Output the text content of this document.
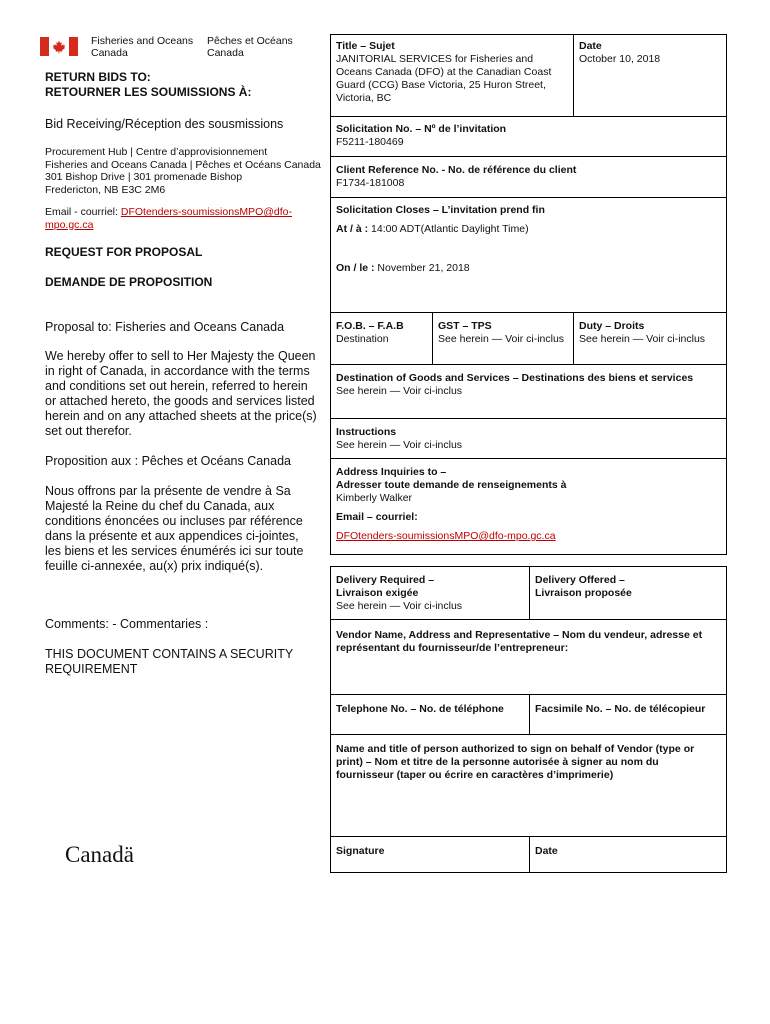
Fisheries and Oceans
Canada
Pêches et Océans
Canada
RETURN BIDS TO:
RETOURNER LES SOUMISSIONS À:
Bid Receiving/Réception des sousmissions
Procurement Hub | Centre d’approvisionnement
Fisheries and Oceans Canada | Pêches et Océans Canada
301 Bishop Drive | 301 promenade Bishop
Fredericton, NB E3C 2M6
Email - courriel: DFOtenders-soumissionsMPO@dfo-
mpo.gc.ca
REQUEST FOR PROPOSAL
DEMANDE DE PROPOSITION
Proposal to: Fisheries and Oceans Canada
We hereby offer to sell to Her Majesty the Queen in right of Canada, in accordance with the terms and conditions set out herein, referred to herein or attached hereto, the goods and services listed herein and on any attached sheets at the price(s) set out therefor.
Proposition aux : Pêches et Océans Canada
Nous offrons par la présente de vendre à Sa Majesté la Reine du chef du Canada, aux conditions énoncées ou incluses par référence dans la présente et aux appendices ci-jointes, les biens et les services énumérés ici sur toute feuille ci-annexée, au(x) prix indiqué(s).
Comments: - Commentaries :
THIS DOCUMENT CONTAINS A SECURITY REQUIREMENT
Canadä
Title – Sujet
JANITORIAL SERVICES for Fisheries and Oceans Canada (DFO) at the Canadian Coast Guard (CCG) Base Victoria, 25 Huron Street, Victoria, BC
Date
October 10, 2018
Solicitation No. – Nº de l’invitation
F5211-180469
Client Reference No. - No. de référence du client
F1734-181008
Solicitation Closes – L’invitation prend fin
At / à : 14:00 ADT(Atlantic Daylight Time)
On / le : November 21, 2018
F.O.B. – F.A.B
Destination
GST – TPS
See herein — Voir ci-inclus
Duty – Droits
See herein — Voir ci-inclus
Destination of Goods and Services – Destinations des biens et services
See herein — Voir ci-inclus
Instructions
See herein — Voir ci-inclus
Address Inquiries to –
Adresser toute demande de renseignements à
Kimberly Walker
Email – courriel:
DFOtenders-soumissionsMPO@dfo-mpo.gc.ca
Delivery Required –
Livraison exigée
See herein — Voir ci-inclus
Delivery Offered –
Livraison proposée
Vendor Name, Address and Representative – Nom du vendeur, adresse et représentant du fournisseur/de l’entrepreneur:
Telephone No. – No. de téléphone	Facsimile No. – No. de télécopieur
Name and title of person authorized to sign on behalf of Vendor (type or print) – Nom et titre de la personne autorisée à signer au nom du fournisseur (taper ou écrire en caractères d’imprimerie)
Signature	Date
